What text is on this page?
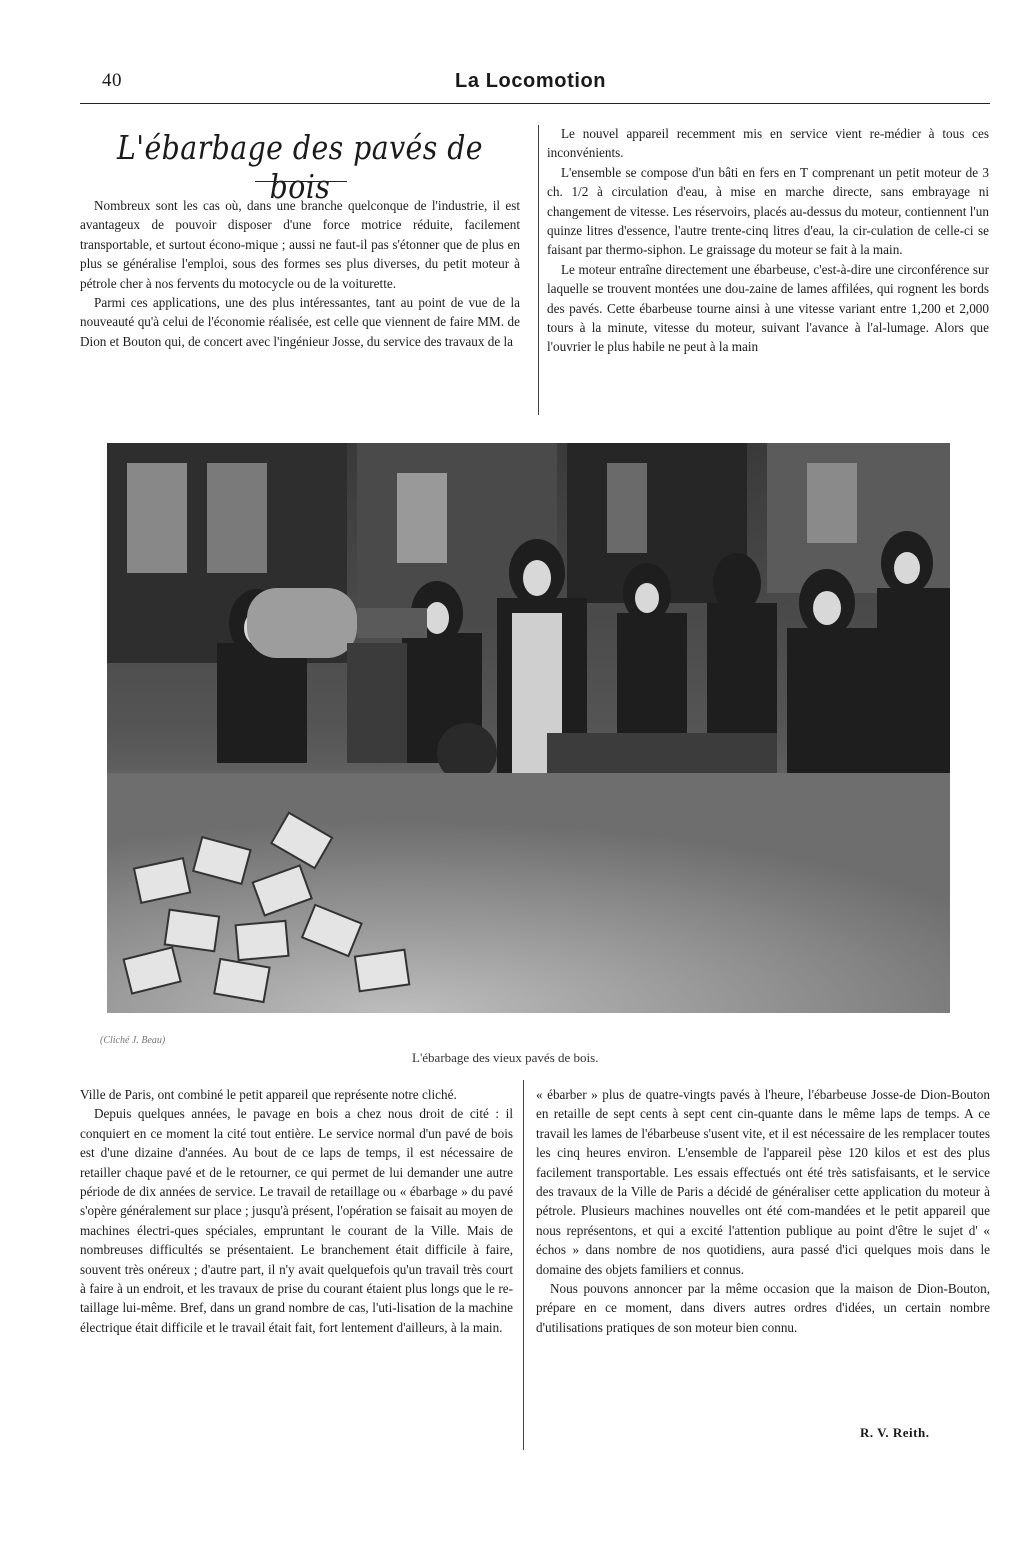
40	La Locomotion
L'ébarbage des pavés de bois

Nombreux sont les cas où, dans une branche quelconque de l'industrie, il est avantageux de pouvoir disposer d'une force motrice réduite, facilement transportable, et surtout écono-mique ; aussi ne faut-il pas s'étonner que de plus en plus se généralise l'emploi, sous des formes ses plus diverses, du petit moteur à pétrole cher à nos fervents du motocycle ou de la voiturette.

Parmi ces applications, une des plus intéressantes, tant au point de vue de la nouveauté qu'à celui de l'économie réalisée, est celle que viennent de faire MM. de Dion et Bouton qui, de concert avec l'ingénieur Josse, du service des travaux de la

Le nouvel appareil recemment mis en service vient re-médier à tous ces inconvénients.

L'ensemble se compose d'un bâti en fers en T comprenant un petit moteur de 3 ch. 1/2 à circulation d'eau, à mise en marche directe, sans embrayage ni changement de vitesse. Les réservoirs, placés au-dessus du moteur, contiennent l'un quinze litres d'essence, l'autre trente-cinq litres d'eau, la cir-culation de celle-ci se faisant par thermo-siphon. Le graissage du moteur se fait à la main.

Le moteur entraîne directement une ébarbeuse, c'est-à-dire une circonférence sur laquelle se trouvent montées une dou-zaine de lames affilées, qui rognent les bords des pavés. Cette ébarbeuse tourne ainsi à une vitesse variant entre 1,200 et 2,000 tours à la minute, vitesse du moteur, suivant l'avance à l'al-lumage. Alors que l'ouvrier le plus habile ne peut à la main

(Cliché J. Beau)
L'ébarbage des vieux pavés de bois.

Ville de Paris, ont combiné le petit appareil que représente notre cliché.

Depuis quelques années, le pavage en bois a chez nous droit de cité : il conquiert en ce moment la cité tout entière. Le service normal d'un pavé de bois est d'une dizaine d'années. Au bout de ce laps de temps, il est nécessaire de retailler chaque pavé et de le retourner, ce qui permet de lui demander une autre période de dix années de service. Le travail de retaillage ou « ébarbage » du pavé s'opère généralement sur place ; jusqu'à présent, l'opération se faisait au moyen de machines électri-ques spéciales, empruntant le courant de la Ville. Mais de nombreuses difficultés se présentaient. Le branchement était difficile à faire, souvent très onéreux ; d'autre part, il n'y avait quelquefois qu'un travail très court à faire à un endroit, et les travaux de prise du courant étaient plus longs que le re-taillage lui-même. Bref, dans un grand nombre de cas, l'uti-lisation de la machine électrique était difficile et le travail était fait, fort lentement d'ailleurs, à la main.

« ébarber » plus de quatre-vingts pavés à l'heure, l'ébarbeuse Josse-de Dion-Bouton en retaille de sept cents à sept cent cin-quante dans le même laps de temps. A ce travail les lames de l'ébarbeuse s'usent vite, et il est nécessaire de les remplacer toutes les cinq heures environ. L'ensemble de l'appareil pèse 120 kilos et est des plus facilement transportable. Les essais effectués ont été très satisfaisants, et le service des travaux de la Ville de Paris a décidé de généraliser cette application du moteur à pétrole. Plusieurs machines nouvelles ont été com-mandées et le petit appareil que nous représentons, et qui a excité l'attention publique au point d'être le sujet d' « échos » dans nombre de nos quotidiens, aura passé d'ici quelques mois dans le domaine des objets familiers et connus.

Nous pouvons annoncer par la même occasion que la maison de Dion-Bouton, prépare en ce moment, dans divers autres ordres d'idées, un certain nombre d'utilisations pratiques de son moteur bien connu.

R. V. Reith.
